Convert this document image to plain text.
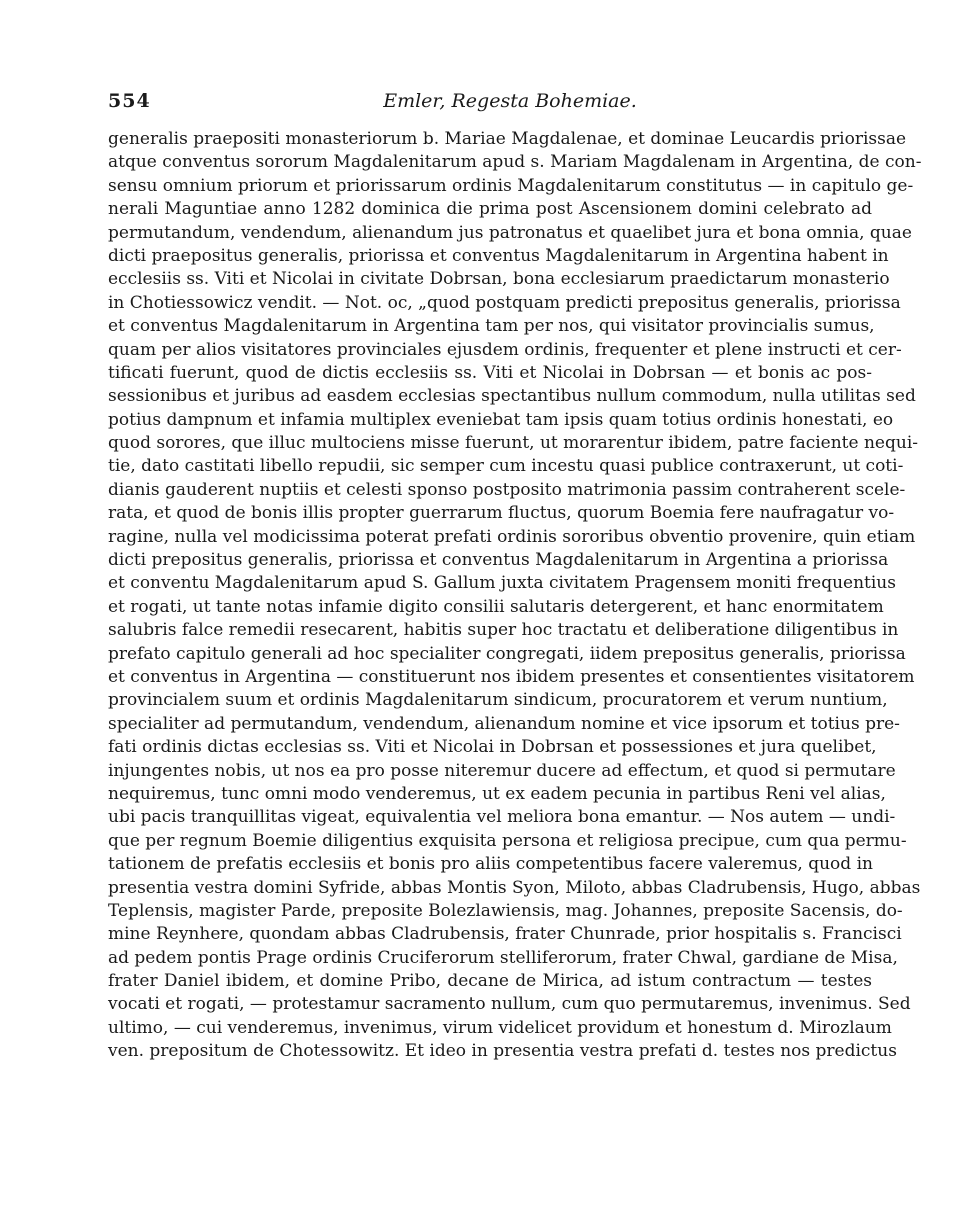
554	Emler, Regesta Bohemiae.
generalis praepositi monasteriorum b. Mariae Magdalenae, et dominae Leucardis priorissae
atque conventus sororum Magdalenitarum apud s. Mariam Magdalenam in Argentina, de con-
sensu omnium priorum et priorissarum ordinis Magdalenitarum constitutus — in capitulo ge-
nerali Maguntiae anno 1282 dominica die prima post Ascensionem domini celebrato ad
permutandum, vendendum, alienandum jus patronatus et quaelibet jura et bona omnia, quae
dicti praepositus generalis, priorissa et conventus Magdalenitarum in Argentina habent in
ecclesiis ss. Viti et Nicolai in civitate Dobrsan, bona ecclesiarum praedictarum monasterio
in Chotiessowicz vendit. — Not. oc, „quod postquam predicti prepositus generalis, priorissa
et conventus Magdalenitarum in Argentina tam per nos, qui visitator provincialis sumus,
quam per alios visitatores provinciales ejusdem ordinis, frequenter et plene instructi et cer-
tificati fuerunt, quod de dictis ecclesiis ss. Viti et Nicolai in Dobrsan — et bonis ac pos-
sessionibus et juribus ad easdem ecclesias spectantibus nullum commodum, nulla utilitas sed
potius dampnum et infamia multiplex eveniebat tam ipsis quam totius ordinis honestati, eo
quod sorores, que illuc multociens misse fuerunt, ut morarentur ibidem, patre faciente nequi-
tie, dato castitati libello repudii, sic semper cum incestu quasi publice contraxerunt, ut coti-
dianis gauderent nuptiis et celesti sponso postposito matrimonia passim contraherent scele-
rata, et quod de bonis illis propter guerrarum fluctus, quorum Boemia fere naufragatur vo-
ragine, nulla vel modicissima poterat prefati ordinis sororibus obventio provenire, quin etiam
dicti prepositus generalis, priorissa et conventus Magdalenitarum in Argentina a priorissa
et conventu Magdalenitarum apud S. Gallum juxta civitatem Pragensem moniti frequentius
et rogati, ut tante notas infamie digito consilii salutaris detergerent, et hanc enormitatem
salubris falce remedii resecarent, habitis super hoc tractatu et deliberatione diligentibus in
prefato capitulo generali ad hoc specialiter congregati, iidem prepositus generalis, priorissa
et conventus in Argentina — constituerunt nos ibidem presentes et consentientes visitatorem
provincialem suum et ordinis Magdalenitarum sindicum, procuratorem et verum nuntium,
specialiter ad permutandum, vendendum, alienandum nomine et vice ipsorum et totius pre-
fati ordinis dictas ecclesias ss. Viti et Nicolai in Dobrsan et possessiones et jura quelibet,
injungentes nobis, ut nos ea pro posse niteremur ducere ad effectum, et quod si permutare
nequiremus, tunc omni modo venderemus, ut ex eadem pecunia in partibus Reni vel alias,
ubi pacis tranquillitas vigeat, equivalentia vel meliora bona emantur. — Nos autem — undi-
que per regnum Boemie diligentius exquisita persona et religiosa precipue, cum qua permu-
tationem de prefatis ecclesiis et bonis pro aliis competentibus facere valeremus, quod in
presentia vestra domini Syfride, abbas Montis Syon, Miloto, abbas Cladrubensis, Hugo, abbas
Teplensis, magister Parde, preposite Bolezlawiensis, mag. Johannes, preposite Sacensis, do-
mine Reynhere, quondam abbas Cladrubensis, frater Chunrade, prior hospitalis s. Francisci
ad pedem pontis Prage ordinis Cruciferorum stelliferorum, frater Chwal, gardiane de Misa,
frater Daniel ibidem, et domine Pribo, decane de Mirica, ad istum contractum — testes
vocati et rogati, — protestamur sacramento nullum, cum quo permutaremus, invenimus. Sed
ultimo, — cui venderemus, invenimus, virum videlicet providum et honestum d. Mirozlaum
ven. prepositum de Chotessowitz. Et ideo in presentia vestra prefati d. testes nos predictus
